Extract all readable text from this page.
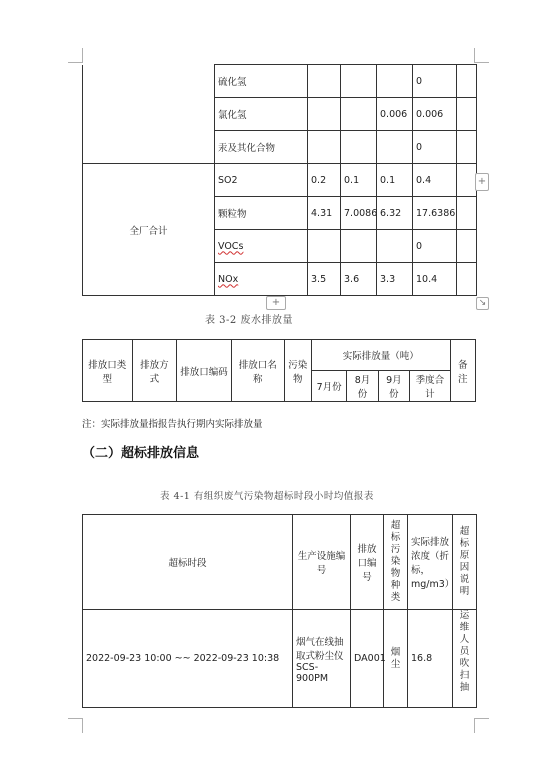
	硫化氢				0	
	氯化氢			0.006	0.006	
	汞及其化合物				0	
全厂合计	SO2	0.2	0.1	0.1	0.4	
	颗粒物	4.31	7.0086	6.32	17.6386	
	VOCs				0	
	NOx	3.5	3.6	3.3	10.4	
+
+	↘
表 3-2 废水排放量
排放口类型	排放方式	排放口编码	排放口名称	污染物	实际排放量（吨）				备注
					7月份	8月份	9月份	季度合计	
注：实际排放量指报告执行期内实际排放量
（二）超标排放信息
表 4-1 有组织废气污染物超标时段小时均值报表
超标时段	生产设施编号	排放口编号	超标污染物种类	实际排放浓度（折标，mg/m3）	超标原因说明
2022-09-23 10:00 ~~ 2022-09-23 10:38	烟气在线抽取式粉尘仪SCS-900PM	DA001	烟尘	16.8	运维人员吹扫抽
